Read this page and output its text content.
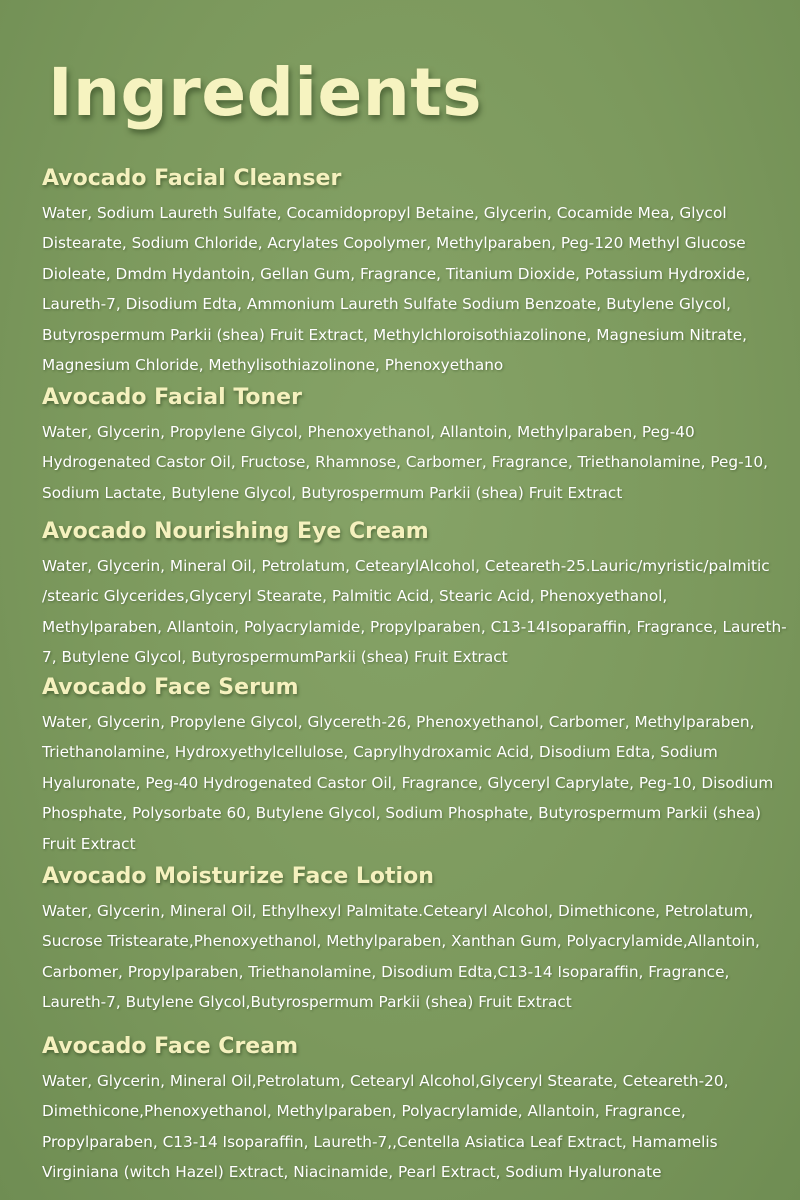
Ingredients
Avocado Facial Cleanser

Water, Sodium Laureth Sulfate, Cocamidopropyl Betaine, Glycerin, Cocamide Mea, Glycol Distearate, Sodium Chloride, Acrylates Copolymer, Methylparaben, Peg-120 Methyl Glucose Dioleate, Dmdm Hydantoin, Gellan Gum, Fragrance, Titanium Dioxide, Potassium Hydroxide, Laureth-7, Disodium Edta, Ammonium Laureth Sulfate Sodium Benzoate, Butylene Glycol, Butyrospermum Parkii (shea) Fruit Extract, Methylchloroisothiazolinone, Magnesium Nitrate, Magnesium Chloride, Methylisothiazolinone, Phenoxyethano

Avocado Facial Toner

Water, Glycerin, Propylene Glycol, Phenoxyethanol, Allantoin, Methylparaben, Peg-40 Hydrogenated Castor Oil, Fructose, Rhamnose, Carbomer, Fragrance, Triethanolamine, Peg-10, Sodium Lactate, Butylene Glycol, Butyrospermum Parkii (shea) Fruit Extract

Avocado Nourishing Eye Cream

Water, Glycerin, Mineral Oil, Petrolatum, CetearylAlcohol, Ceteareth-25.Lauric/myristic/palmitic /stearic Glycerides,Glyceryl Stearate, Palmitic Acid, Stearic Acid, Phenoxyethanol, Methylparaben, Allantoin, Polyacrylamide, Propylparaben, C13-14Isoparaffin, Fragrance, Laureth-7, Butylene Glycol, ButyrospermumParkii (shea) Fruit Extract

Avocado Face Serum

Water, Glycerin, Propylene Glycol, Glycereth-26, Phenoxyethanol, Carbomer, Methylparaben, Triethanolamine, Hydroxyethylcellulose, Caprylhydroxamic Acid, Disodium Edta, Sodium Hyaluronate, Peg-40 Hydrogenated Castor Oil, Fragrance, Glyceryl Caprylate, Peg-10, Disodium Phosphate, Polysorbate 60, Butylene Glycol, Sodium Phosphate, Butyrospermum Parkii (shea) Fruit Extract

Avocado Moisturize Face Lotion

Water, Glycerin, Mineral Oil, Ethylhexyl Palmitate.Cetearyl Alcohol, Dimethicone, Petrolatum, Sucrose Tristearate,Phenoxyethanol, Methylparaben, Xanthan Gum, Polyacrylamide,Allantoin, Carbomer, Propylparaben, Triethanolamine, Disodium Edta,C13-14 Isoparaffin, Fragrance, Laureth-7, Butylene Glycol,Butyrospermum Parkii (shea) Fruit Extract

Avocado Face Cream

Water, Glycerin, Mineral Oil,Petrolatum, Cetearyl Alcohol,Glyceryl Stearate, Ceteareth-20, Dimethicone,Phenoxyethanol, Methylparaben, Polyacrylamide, Allantoin, Fragrance, Propylparaben, C13-14 Isoparaffin, Laureth-7,,Centella Asiatica Leaf Extract, Hamamelis Virginiana (witch Hazel) Extract, Niacinamide, Pearl Extract, Sodium Hyaluronate
